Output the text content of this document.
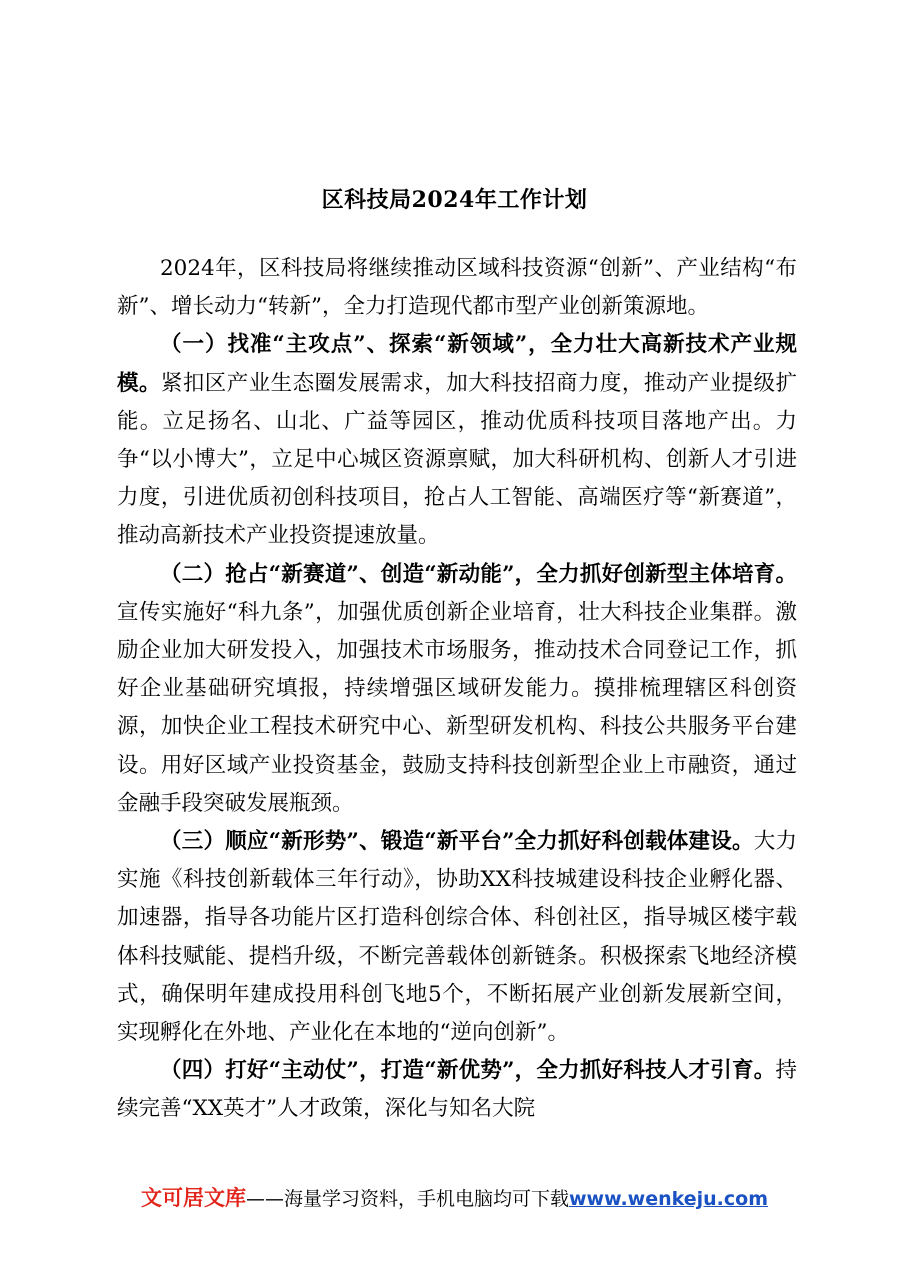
区科技局2024年工作计划

2024年，区科技局将继续推动区域科技资源“创新”、产业结构“布新”、增长动力“转新”，全力打造现代都市型产业创新策源地。

（一）找准“主攻点”、探索“新领域”，全力壮大高新技术产业规模。紧扣区产业生态圈发展需求，加大科技招商力度，推动产业提级扩能。立足扬名、山北、广益等园区，推动优质科技项目落地产出。力争“以小博大”，立足中心城区资源禀赋，加大科研机构、创新人才引进力度，引进优质初创科技项目，抢占人工智能、高端医疗等“新赛道”，推动高新技术产业投资提速放量。

（二）抢占“新赛道”、创造“新动能”，全力抓好创新型主体培育。宣传实施好“科九条”，加强优质创新企业培育，壮大科技企业集群。激励企业加大研发投入，加强技术市场服务，推动技术合同登记工作，抓好企业基础研究填报，持续增强区域研发能力。摸排梳理辖区科创资源，加快企业工程技术研究中心、新型研发机构、科技公共服务平台建设。用好区域产业投资基金，鼓励支持科技创新型企业上市融资，通过金融手段突破发展瓶颈。

（三）顺应“新形势”、锻造“新平台”全力抓好科创载体建设。大力实施《科技创新载体三年行动》，协助XX科技城建设科技企业孵化器、加速器，指导各功能片区打造科创综合体、科创社区，指导城区楼宇载体科技赋能、提档升级，不断完善载体创新链条。积极探索飞地经济模式，确保明年建成投用科创飞地5个，不断拓展产业创新发展新空间，实现孵化在外地、产业化在本地的“逆向创新”。

（四）打好“主动仗”，打造“新优势”，全力抓好科技人才引育。持续完善“XX英才”人才政策，深化与知名大院

文可居文库——海量学习资料，手机电脑均可下载www.wenkeju.com
